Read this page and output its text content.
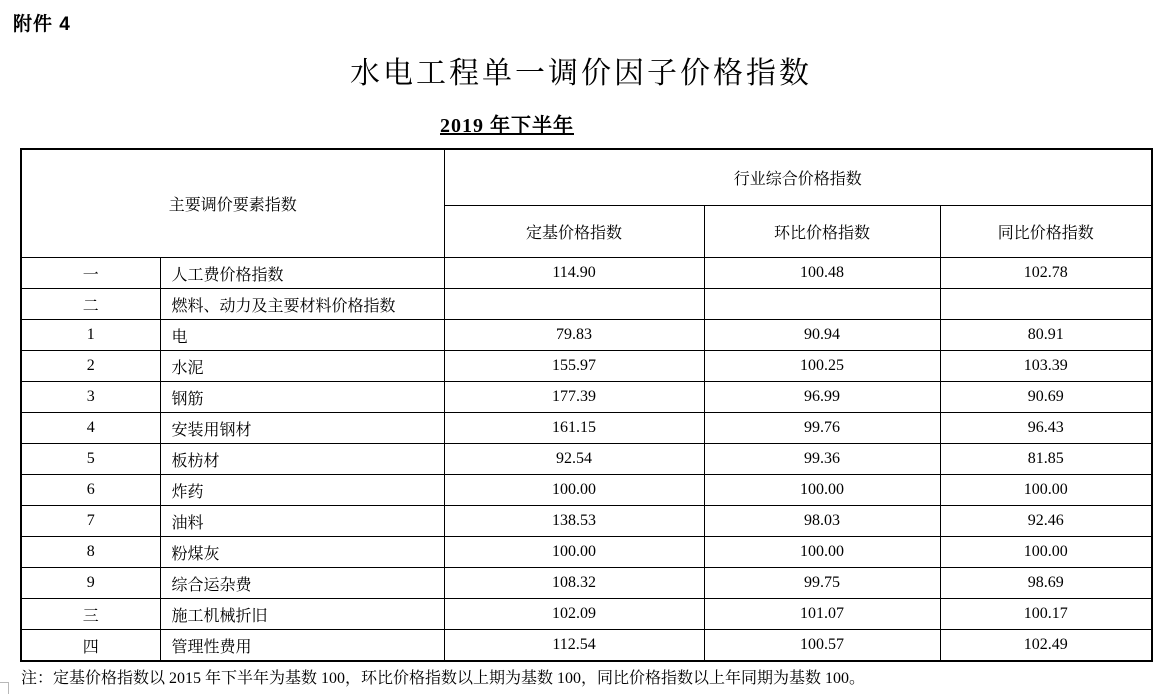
附件 4
水电工程单一调价因子价格指数
2019 年下半年
主要调价要素指数		行业综合价格指数		
		定基价格指数	环比价格指数	同比价格指数
一	人工费价格指数	114.90	100.48	102.78
二	燃料、动力及主要材料价格指数			
1	电	79.83	90.94	80.91
2	水泥	155.97	100.25	103.39
3	钢筋	177.39	96.99	90.69
4	安装用钢材	161.15	99.76	96.43
5	板枋材	92.54	99.36	81.85
6	炸药	100.00	100.00	100.00
7	油料	138.53	98.03	92.46
8	粉煤灰	100.00	100.00	100.00
9	综合运杂费	108.32	99.75	98.69
三	施工机械折旧	102.09	101.07	100.17
四	管理性费用	112.54	100.57	102.49
注：定基价格指数以 2015 年下半年为基数 100，环比价格指数以上期为基数 100，同比价格指数以上年同期为基数 100。
